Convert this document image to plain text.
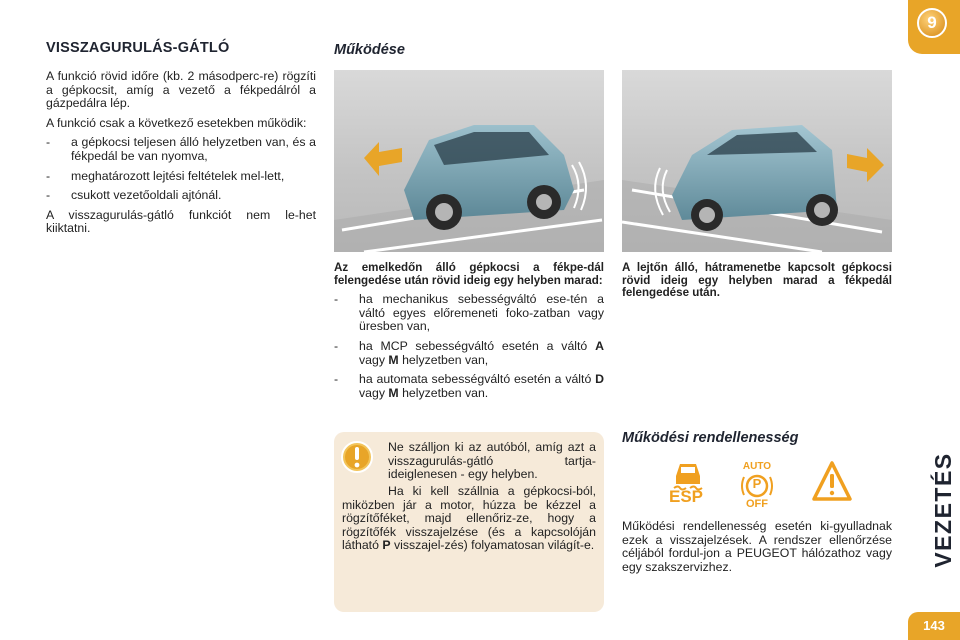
VISSZAGURULÁS-GÁTLÓ

A funkció rövid időre (kb. 2 másodperc-re) rögzíti a gépkocsit, amíg a vezető a fékpedálról a gázpedálra lép.

A funkció csak a következő esetekben működik:

- a gépkocsi teljesen álló helyzetben van, és a fékpedál be van nyomva,
- meghatározott lejtési feltételek mel-lett,
- csukott vezetőoldali ajtónál.

A visszagurulás-gátló funkciót nem le-het kiiktatni.

Működése
Az emelkedőn álló gépkocsi a fékpe-dál felengedése után rövid ideig egy helyben marad:
- ha mechanikus sebességváltó ese-tén a váltó egyes előremeneti foko-zatban vagy üresben van,
- ha MCP sebességváltó esetén a váltó A vagy M helyzetben van,
- ha automata sebességváltó esetén a váltó D vagy M helyzetben van.
A lejtőn álló, hátramenetbe kapcsolt gépkocsi rövid ideig egy helyben marad a fékpedál felengedése után.
Ne szálljon ki az autóból, amíg azt a visszagurulás-gátló tartja- ideiglenesen - egy helyben.
Ha ki kell szállnia a gépkocsi-ból, miközben jár a motor, húzza be kézzel a rögzítőféket, majd ellenőriz-ze, hogy a rögzítőfék visszajelzése (és a kapcsolóján látható P visszajel-zés) folyamatosan világít-e.
Működési rendellenesség
ESP
AUTO
P
OFF
Működési rendellenesség esetén ki-gyulladnak ezek a visszajelzések. A rendszer ellenőrzése céljából fordul-jon a PEUGEOT hálózathoz vagy egy szakszervizhez.
9
VEZETÉS
143
